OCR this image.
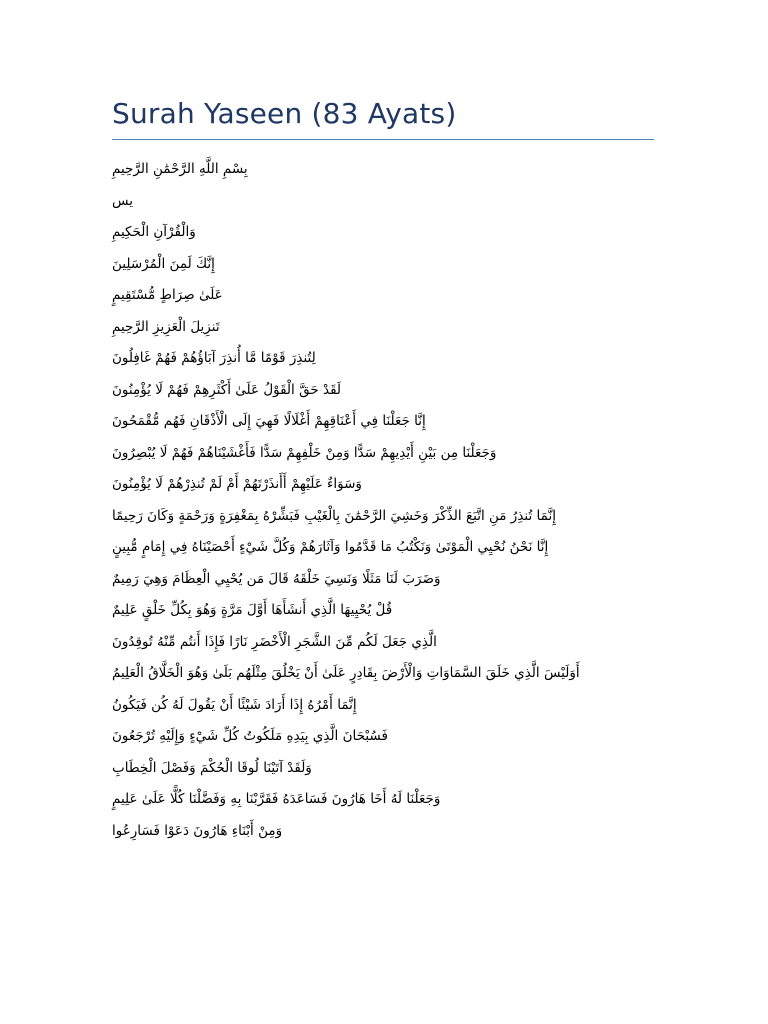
Surah Yaseen (83 Ayats)
بِسْمِ اللَّهِ الرَّحْمَٰنِ الرَّحِيمِ
يس
وَالْقُرْآنِ الْحَكِيمِ
إِنَّكَ لَمِنَ الْمُرْسَلِينَ
عَلَىٰ صِرَاطٍ مُّسْتَقِيمٍ
تَنزِيلَ الْعَزِيزِ الرَّحِيمِ
لِتُنذِرَ قَوْمًا مَّا أُنذِرَ آبَاؤُهُمْ فَهُمْ غَافِلُونَ
لَقَدْ حَقَّ الْقَوْلُ عَلَىٰ أَكْثَرِهِمْ فَهُمْ لَا يُؤْمِنُونَ
إِنَّا جَعَلْنَا فِي أَعْنَاقِهِمْ أَغْلَالًا فَهِيَ إِلَى الْأَذْقَانِ فَهُم مُّقْمَحُونَ
وَجَعَلْنَا مِن بَيْنِ أَيْدِيهِمْ سَدًّا وَمِنْ خَلْفِهِمْ سَدًّا فَأَغْشَيْنَاهُمْ فَهُمْ لَا يُبْصِرُونَ
وَسَوَاءٌ عَلَيْهِمْ أَأَنذَرْتَهُمْ أَمْ لَمْ تُنذِرْهُمْ لَا يُؤْمِنُونَ
إِنَّمَا تُنذِرُ مَنِ اتَّبَعَ الذِّكْرَ وَخَشِيَ الرَّحْمَٰنَ بِالْغَيْبِ فَبَشِّرْهُ بِمَغْفِرَةٍ وَرَحْمَةٍ وَكَانَ رَحِيمًا
إِنَّا نَحْنُ نُحْيِي الْمَوْتَىٰ وَنَكْتُبُ مَا قَدَّمُوا وَآثَارَهُمْ وَكُلَّ شَيْءٍ أَحْصَيْنَاهُ فِي إِمَامٍ مُّبِينٍ
وَضَرَبَ لَنَا مَثَلًا وَنَسِيَ خَلْقَهُ قَالَ مَن يُحْيِي الْعِظَامَ وَهِيَ رَمِيمٌ
قُلْ يُحْيِيهَا الَّذِي أَنشَأَهَا أَوَّلَ مَرَّةٍ وَهُوَ بِكُلِّ خَلْقٍ عَلِيمٌ
الَّذِي جَعَلَ لَكُم مِّنَ الشَّجَرِ الْأَخْضَرِ نَارًا فَإِذَا أَنتُم مِّنْهُ تُوقِدُونَ
أَوَلَيْسَ الَّذِي خَلَقَ السَّمَاوَاتِ وَالْأَرْضَ بِقَادِرٍ عَلَىٰ أَنْ يَخْلُقَ مِثْلَهُم بَلَىٰ وَهُوَ الْخَلَّاقُ الْعَلِيمُ
إِنَّمَا أَمْرُهُ إِذَا أَرَادَ شَيْئًا أَنْ يَقُولَ لَهُ كُن فَيَكُونُ
فَسُبْحَانَ الَّذِي بِيَدِهِ مَلَكُوتُ كُلِّ شَيْءٍ وَإِلَيْهِ تُرْجَعُونَ
وَلَقَدْ آتَيْنَا لُوقَا الْحُكْمَ وَفَصْلَ الْخِطَابِ
وَجَعَلْنَا لَهُ أَخَا هَارُونَ فَسَاعَدَهُ فَقَرَّبْنَا بِهِ وَفَضَّلْنَا كُلًّا عَلَىٰ عَلِيمٍ
وَمِنْ أَبْنَاءِ هَارُونَ دَعَوْا فَسَارِعُوا
